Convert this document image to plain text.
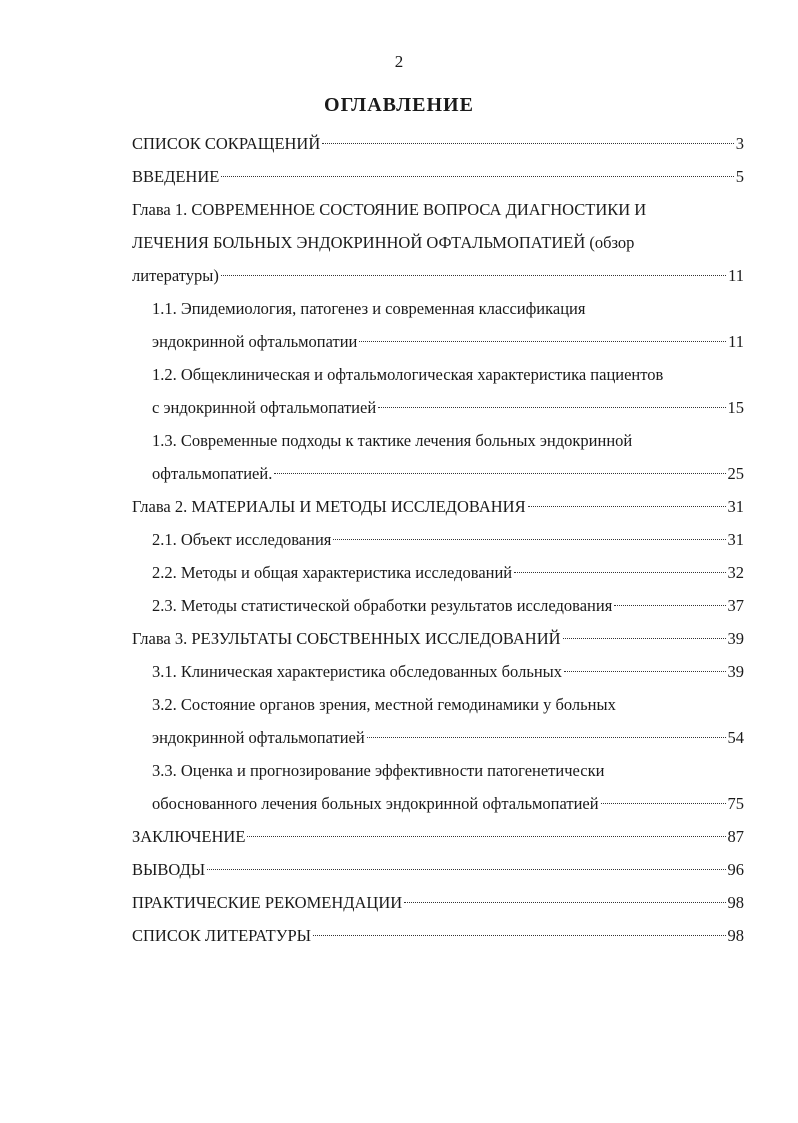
2
ОГЛАВЛЕНИЕ
СПИСОК СОКРАЩЕНИЙ	3
ВВЕДЕНИЕ	5
Глава 1. СОВРЕМЕННОЕ СОСТОЯНИЕ ВОПРОСА ДИАГНОСТИКИ И
ЛЕЧЕНИЯ БОЛЬНЫХ ЭНДОКРИННОЙ ОФТАЛЬМОПАТИЕЙ (обзор
литературы)	11
1.1. Эпидемиология, патогенез и современная классификация
эндокринной офтальмопатии	11
1.2. Общеклиническая и офтальмологическая характеристика пациентов
с эндокринной офтальмопатией	15
1.3. Современные подходы к тактике лечения больных эндокринной
офтальмопатией.	25
Глава 2. МАТЕРИАЛЫ И МЕТОДЫ ИССЛЕДОВАНИЯ	31
2.1. Объект исследования	31
2.2. Методы и общая характеристика исследований	32
2.3. Методы статистической обработки результатов исследования	37
Глава 3. РЕЗУЛЬТАТЫ СОБСТВЕННЫХ ИССЛЕДОВАНИЙ	39
3.1. Клиническая характеристика обследованных больных	39
3.2. Состояние органов зрения, местной гемодинамики у больных
эндокринной офтальмопатией	54
3.3. Оценка и прогнозирование эффективности патогенетически
обоснованного лечения больных эндокринной офтальмопатией	75
ЗАКЛЮЧЕНИЕ	87
ВЫВОДЫ	96
ПРАКТИЧЕСКИЕ РЕКОМЕНДАЦИИ	98
СПИСОК ЛИТЕРАТУРЫ	98
